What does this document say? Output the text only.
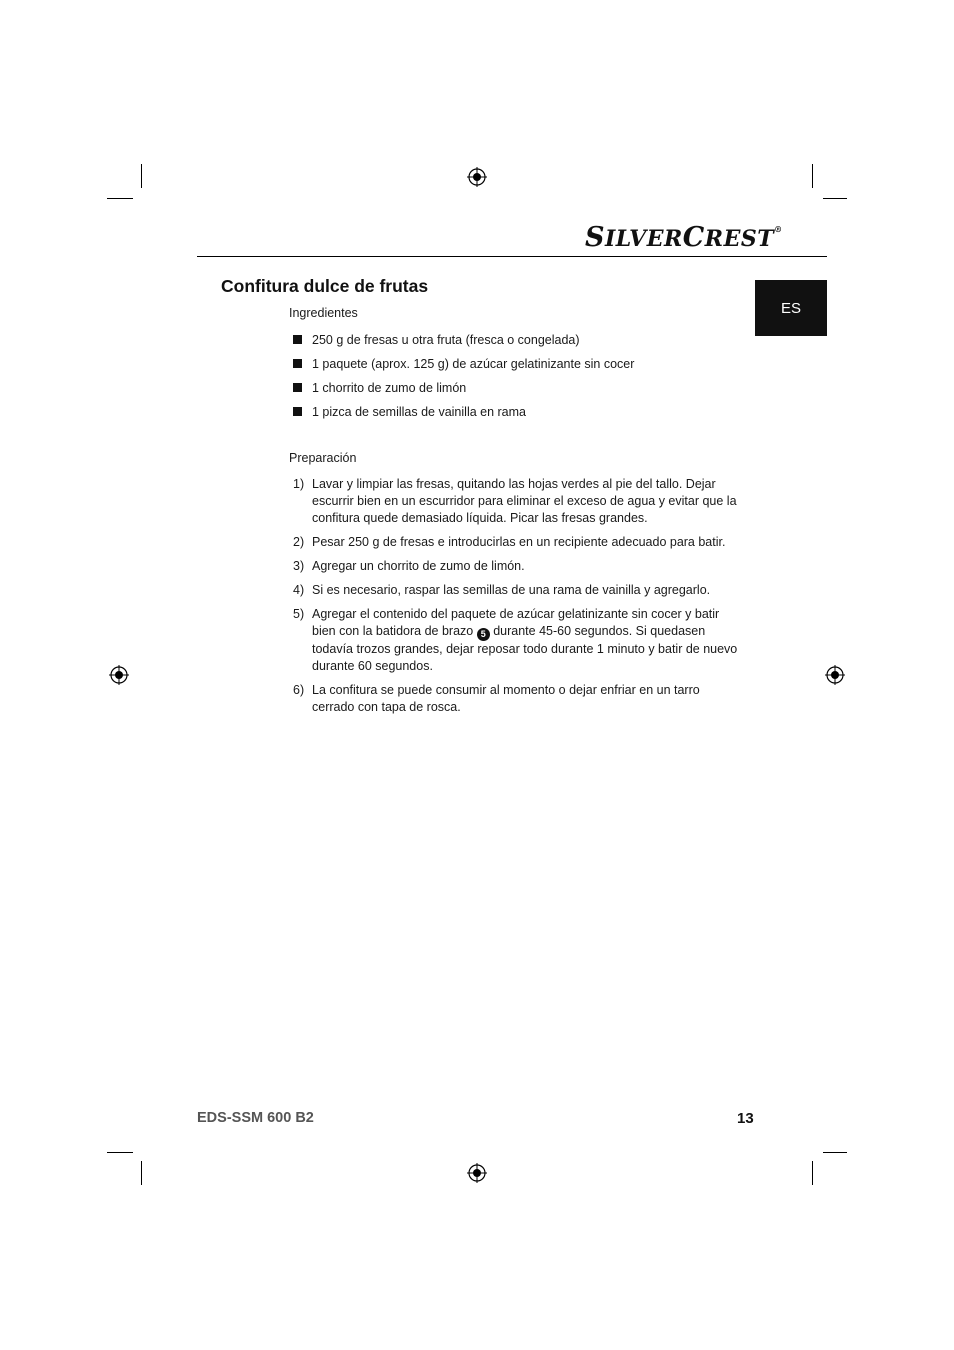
SILVERCREST®
ES
Confitura dulce de frutas
Ingredientes
250 g de fresas u otra fruta (fresca o congelada)
1 paquete (aprox. 125 g) de azúcar gelatinizante sin cocer
1 chorrito de zumo de limón
1 pizca de semillas de vainilla en rama
Preparación
1) Lavar y limpiar las fresas, quitando las hojas verdes al pie del tallo. Dejar escurrir bien en un escurridor para eliminar el exceso de agua y evitar que la confitura quede demasiado líquida. Picar las fresas grandes.
2) Pesar 250 g de fresas e introducirlas en un recipiente adecuado para batir.
3) Agregar un chorrito de zumo de limón.
4) Si es necesario, raspar las semillas de una rama de vainilla y agregarlo.
5) Agregar el contenido del paquete de azúcar gelatinizante sin cocer y batir bien con la batidora de brazo 5 durante 45-60 segundos. Si quedasen todavía trozos grandes, dejar reposar todo durante 1 minuto y batir de nuevo durante 60 segundos.
6) La confitura se puede consumir al momento o dejar enfriar en un tarro cerrado con tapa de rosca.
EDS-SSM 600 B2	13
